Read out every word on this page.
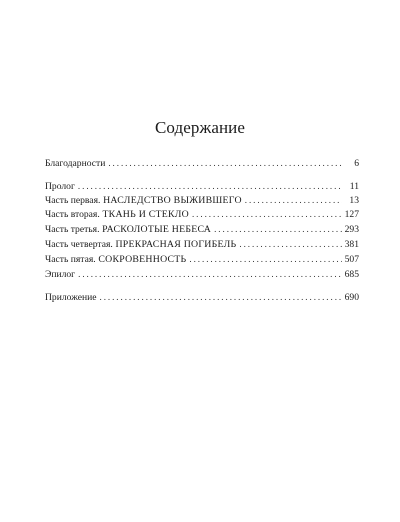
Содержание
Благодарности . . .	6
Пролог . . .	11
Часть первая. НАСЛЕДСТВО ВЫЖИВШЕГО . . .	13
Часть вторая. ТКАНЬ И СТЕКЛО . . .	127
Часть третья. РАСКОЛОТЫЕ НЕБЕСА . . .	293
Часть четвертая. ПРЕКРАСНАЯ ПОГИБЕЛЬ . . .	381
Часть пятая. СОКРОВЕННОСТЬ . . .	507
Эпилог . . .	685
Приложение . . .	690
